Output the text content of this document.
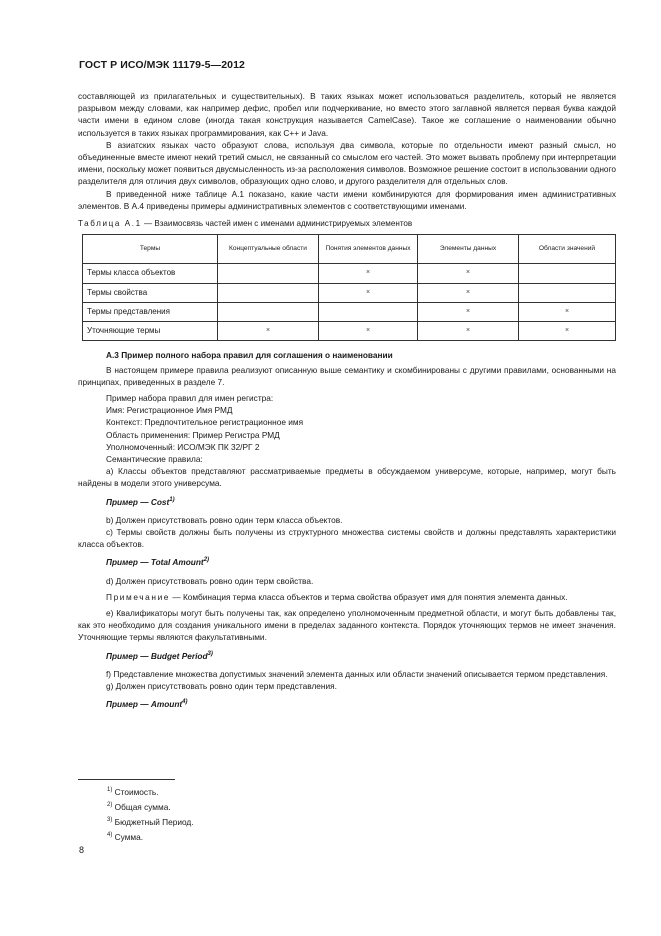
ГОСТ Р ИСО/МЭК 11179-5—2012

составляющей из прилагательных и существительных). В таких языках может использоваться разделитель, который не является разрывом между словами, как например дефис, пробел или подчеркивание, но вместо этого заглавной является первая буква каждой части имени в едином слове (иногда такая конструкция называется CamelCase). Такое же соглашение о наименовании обычно используется в таких языках программирования, как C++ и Java.

В азиатских языках часто образуют слова, используя два символа, которые по отдельности имеют разный смысл, но объединенные вместе имеют некий третий смысл, не связанный со смыслом его частей. Это может вызвать проблему при интерпретации имени, поскольку может появиться двусмысленность из-за расположения символов. Возможное решение состоит в использовании одного разделителя для отличия двух символов, образующих одно слово, и другого разделителя для отдельных слов.

В приведенной ниже таблице А.1 показано, какие части имени комбинируются для формирования имен административных элементов. В А.4 приведены примеры административных элементов с соответствующими именами.

Таблица А.1 — Взаимосвязь частей имен с именами администрируемых элементов
Термы	Концептуальные области	Понятия элементов данных	Элементы данных	Области значений
Термы класса объектов		×	×	
Термы свойства		×	×	
Термы представления			×	×
Уточняющие термы	×	×	×	×

А.3 Пример полного набора правил для соглашения о наименовании

В настоящем примере правила реализуют описанную выше семантику и скомбинированы с другими правилами, основанными на принципах, приведенных в разделе 7.

Пример набора правил для имен регистра:

Имя: Регистрационное Имя РМД

Контекст: Предпочтительное регистрационное имя

Область применения: Пример Регистра РМД

Уполномоченный: ИСО/МЭК ПК 32/РГ 2

Семантические правила:

а) Классы объектов представляют рассматриваемые предметы в обсуждаемом универсуме, которые, например, могут быть найдены в модели этого универсума.

Пример — Cost$^{1)}$

b) Должен присутствовать ровно один терм класса объектов.

c) Термы свойств должны быть получены из структурного множества системы свойств и должны представлять характеристики класса объектов.

Пример — Total Amount$^{2)}$

d) Должен присутствовать ровно один терм свойства.

Примечание — Комбинация терма класса объектов и терма свойства образует имя для понятия элемента данных.

e) Квалификаторы могут быть получены так, как определено уполномоченным предметной области, и могут быть добавлены так, как это необходимо для создания уникального имени в пределах заданного контекста. Порядок уточняющих термов не имеет значения. Уточняющие термы являются факультативными.

Пример — Budget Period$^{3)}$

f) Представление множества допустимых значений элемента данных или области значений описывается термом представления.

g) Должен присутствовать ровно один терм представления.

Пример — Amount$^{4)}$

$^{1)}$ Стоимость.
$^{2)}$ Общая сумма.
$^{3)}$ Бюджетный Период.
$^{4)}$ Сумма.
8
